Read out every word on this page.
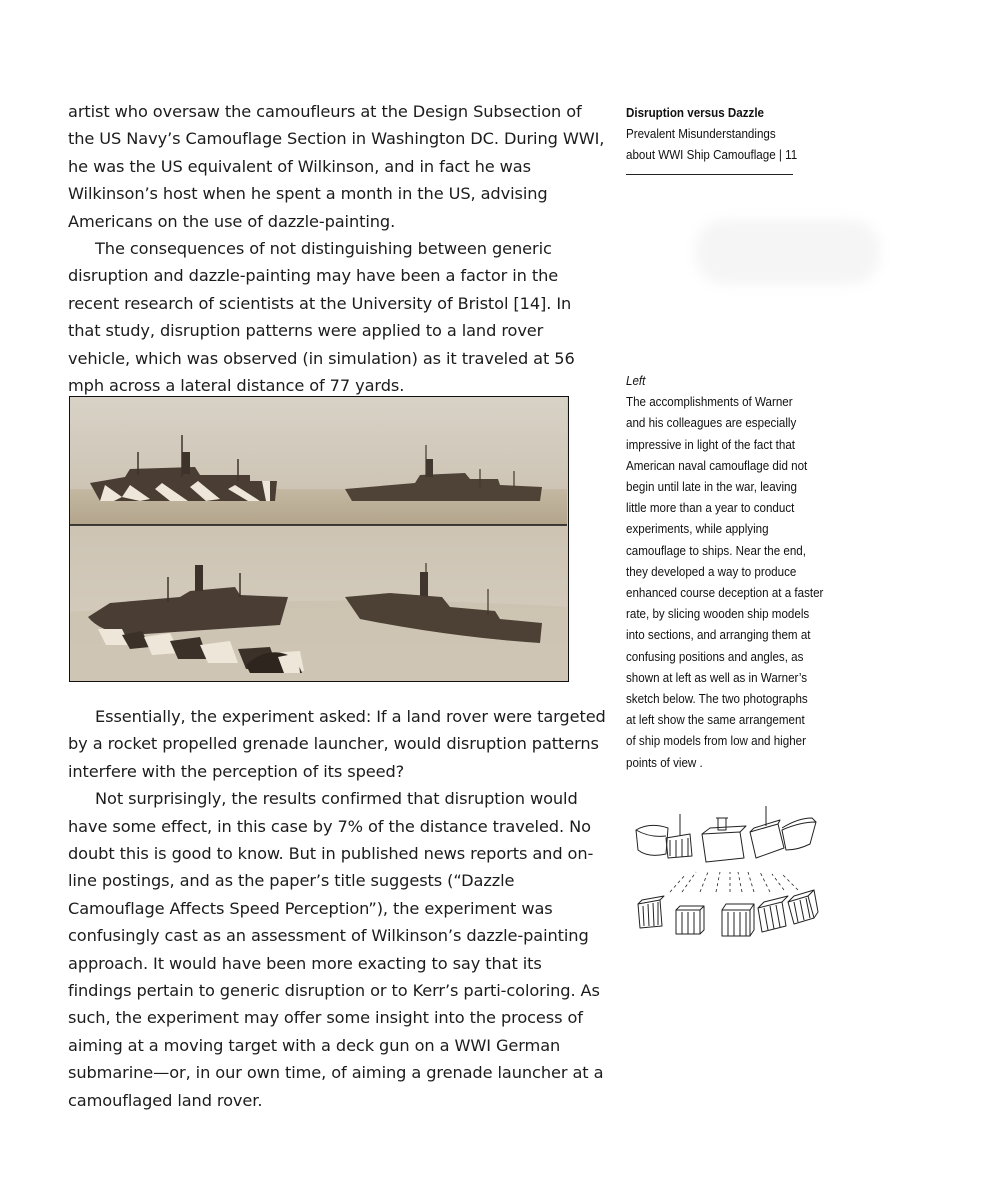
artist who oversaw the camoufleurs at the Design Subsection of the US Navy’s Camouflage Section in Washington DC. During WWI, he was the US equivalent of Wilkinson, and in fact he was Wilkinson’s host when he spent a month in the US, advising Americans on the use of dazzle-painting.

The consequences of not distinguishing between generic disruption and dazzle-painting may have been a factor in the recent research of scientists at the University of Bristol [14]. In that study, disruption patterns were applied to a land rover vehicle, which was observed (in simulation) as it traveled at 56 mph across a lateral distance of 77 yards.

Essentially, the experiment asked: If a land rover were targeted by a rocket propelled grenade launcher, would disruption patterns interfere with the perception of its speed?

Not surprisingly, the results confirmed that disruption would have some effect, in this case by 7% of the distance traveled. No doubt this is good to know. But in published news reports and on-line postings, and as the paper’s title suggests (“Dazzle Camouflage Affects Speed Perception”), the experiment was confusingly cast as an assessment of Wilkinson’s dazzle-painting approach. It would have been more exacting to say that its findings pertain to generic disruption or to Kerr’s parti-coloring. As such, the experiment may offer some insight into the process of aiming at a moving target with a deck gun on a WWI German submarine—or, in our own time, of aiming a grenade launcher at a camouflaged land rover.

Disruption versus Dazzle
Prevalent Misunderstandings
about WWI Ship Camouflage | 11
Left
The accomplishments of Warner
and his colleagues are especially
impressive in light of the fact that
American naval camouflage did not
begin until late in the war, leaving
little more than a year to conduct
experiments, while applying
camouflage to ships. Near the end,
they developed a way to produce
enhanced course deception at a faster
rate, by slicing wooden ship models
into sections, and arranging them at
confusing positions and angles, as
shown at left as well as in Warner’s
sketch below. The two photographs
at left show the same arrangement
of ship models from low and higher
points of view .
